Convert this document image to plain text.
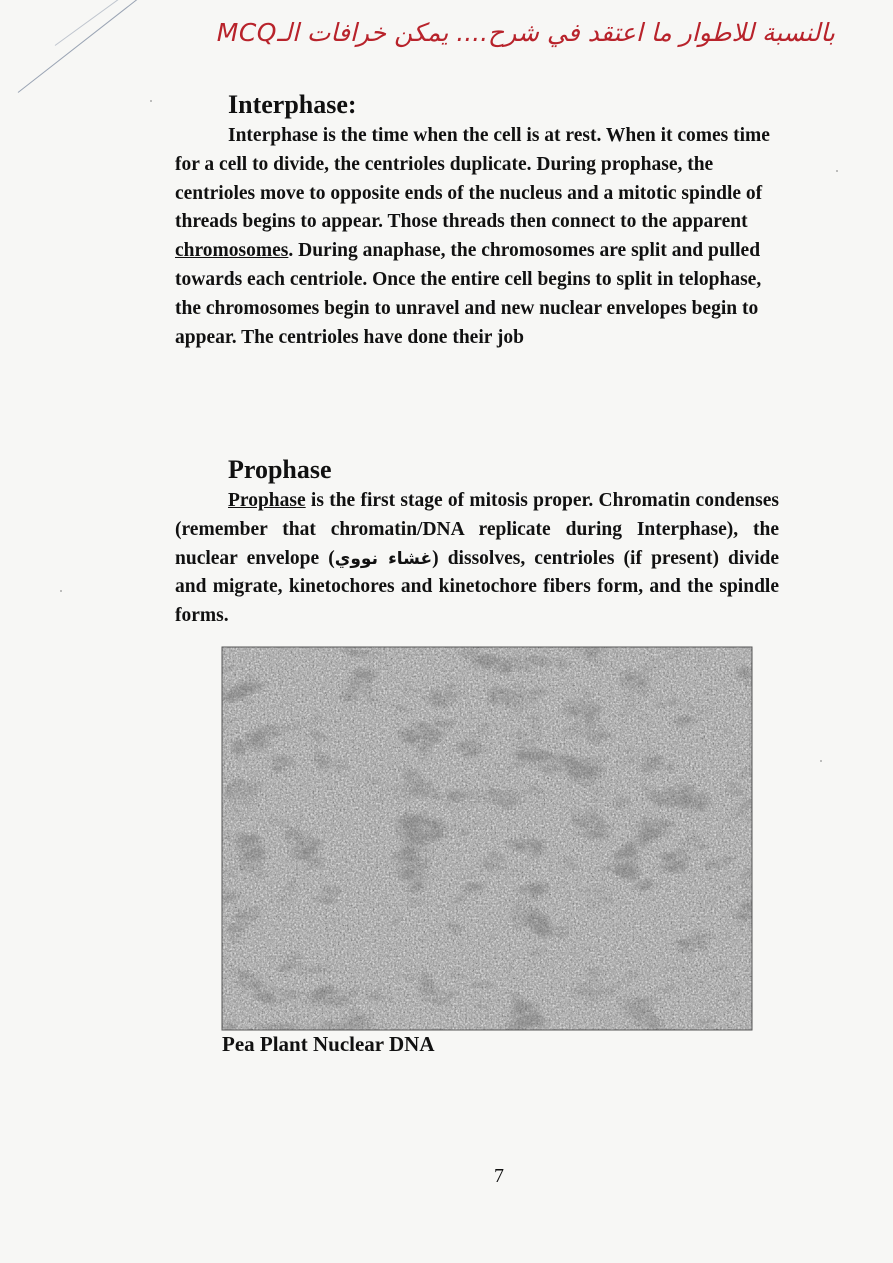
بالنسبة للاطوار ما اعتقد في شرح.... يمكن خرافات الـMCQ
Interphase:

Interphase is the time when the cell is at rest. When it comes time for a cell to divide, the centrioles duplicate. During prophase, the centrioles move to opposite ends of the nucleus and a mitotic spindle of threads begins to appear. Those threads then connect to the apparent chromosomes. During anaphase, the chromosomes are split and pulled towards each centriole. Once the entire cell begins to split in telophase, the chromosomes begin to unravel and new nuclear envelopes begin to appear. The centrioles have done their job

Prophase

Prophase is the first stage of mitosis proper. Chromatin condenses (remember that chromatin/DNA replicate during Interphase), the nuclear envelope (غشاء نووي) dissolves, centrioles (if present) divide and migrate, kinetochores and kinetochore fibers form, and the spindle forms.

Pea Plant Nuclear DNA
7
